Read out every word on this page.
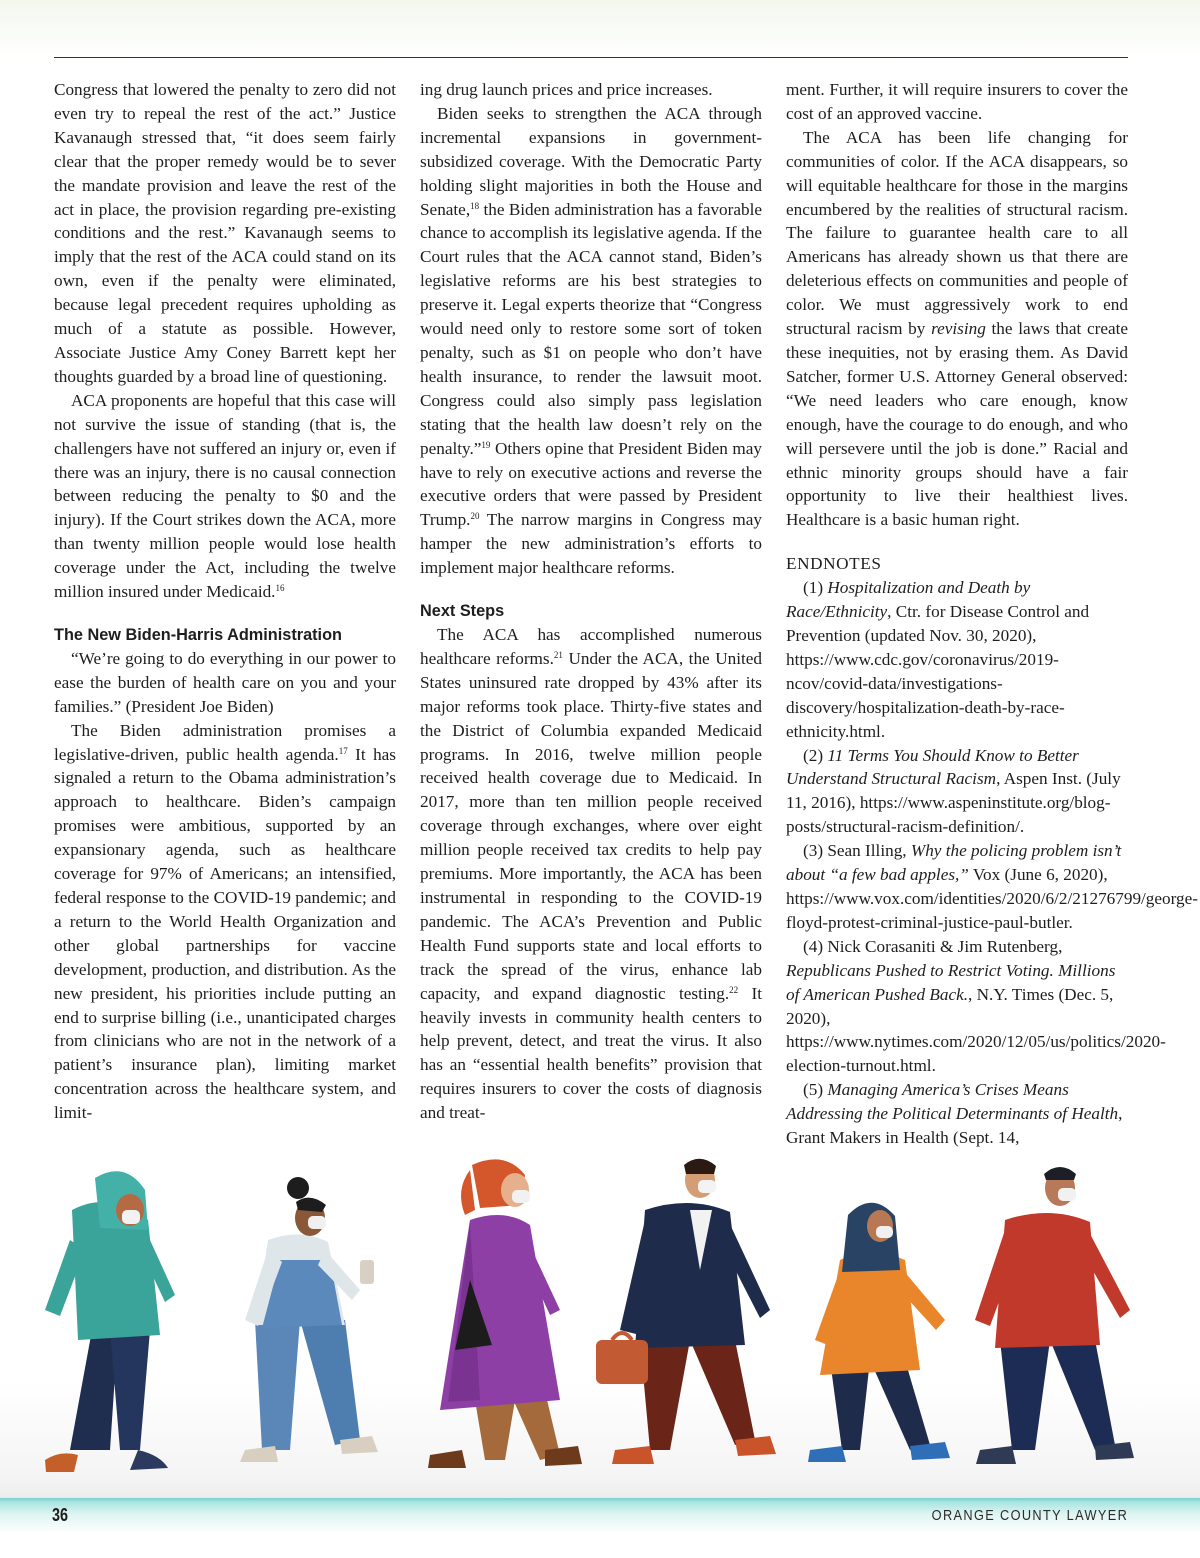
Congress that lowered the penalty to zero did not even try to repeal the rest of the act.” Justice Kavanaugh stressed that, “it does seem fairly clear that the proper remedy would be to sever the mandate provision and leave the rest of the act in place, the provision regarding pre-existing conditions and the rest.” Kavanaugh seems to imply that the rest of the ACA could stand on its own, even if the penalty were eliminated, because legal precedent requires upholding as much of a statute as possible. However, Associate Justice Amy Coney Barrett kept her thoughts guarded by a broad line of questioning.

ACA proponents are hopeful that this case will not survive the issue of standing (that is, the challengers have not suffered an injury or, even if there was an injury, there is no causal connection between reducing the penalty to $0 and the injury). If the Court strikes down the ACA, more than twenty million people would lose health coverage under the Act, including the twelve million insured under Medicaid.$^{16}$

The New Biden-Harris Administration

“We’re going to do everything in our power to ease the burden of health care on you and your families.” (President Joe Biden)

The Biden administration promises a legislative-driven, public health agenda.$^{17}$ It has signaled a return to the Obama administration’s approach to healthcare. Biden’s campaign promises were ambitious, supported by an expansionary agenda, such as healthcare coverage for 97% of Americans; an intensified, federal response to the COVID-19 pandemic; and a return to the World Health Organization and other global partnerships for vaccine development, production, and distribution. As the new president, his priorities include putting an end to surprise billing (i.e., unanticipated charges from clinicians who are not in the network of a patient’s insurance plan), limiting market concentration across the healthcare system, and limit-

ing drug launch prices and price increases.

Biden seeks to strengthen the ACA through incremental expansions in government-subsidized coverage. With the Democratic Party holding slight majorities in both the House and Senate,$^{18}$ the Biden administration has a favorable chance to accomplish its legislative agenda. If the Court rules that the ACA cannot stand, Biden’s legislative reforms are his best strategies to preserve it. Legal experts theorize that “Congress would need only to restore some sort of token penalty, such as $1 on people who don’t have health insurance, to render the lawsuit moot. Congress could also simply pass legislation stating that the health law doesn’t rely on the penalty.”$^{19}$ Others opine that President Biden may have to rely on executive actions and reverse the executive orders that were passed by President Trump.$^{20}$ The narrow margins in Congress may hamper the new administration’s efforts to implement major healthcare reforms.

Next Steps

The ACA has accomplished numerous healthcare reforms.$^{21}$ Under the ACA, the United States uninsured rate dropped by 43% after its major reforms took place. Thirty-five states and the District of Columbia expanded Medicaid programs. In 2016, twelve million people received health coverage due to Medicaid. In 2017, more than ten million people received coverage through exchanges, where over eight million people received tax credits to help pay premiums. More importantly, the ACA has been instrumental in responding to the COVID-19 pandemic. The ACA’s Prevention and Public Health Fund supports state and local efforts to track the spread of the virus, enhance lab capacity, and expand diagnostic testing.$^{22}$ It heavily invests in community health centers to help prevent, detect, and treat the virus. It also has an “essential health benefits” provision that requires insurers to cover the costs of diagnosis and treat-

ment. Further, it will require insurers to cover the cost of an approved vaccine.

The ACA has been life changing for communities of color. If the ACA disappears, so will equitable healthcare for those in the margins encumbered by the realities of structural racism. The failure to guarantee health care to all Americans has already shown us that there are deleterious effects on communities and people of color. We must aggressively work to end structural racism by revising the laws that create these inequities, not by erasing them. As David Satcher, former U.S. Attorney General observed: “We need leaders who care enough, know enough, have the courage to do enough, and who will persevere until the job is done.” Racial and ethnic minority groups should have a fair opportunity to live their healthiest lives. Healthcare is a basic human right.

ENDNOTES

(1) Hospitalization and Death by Race/Ethnicity, Ctr. for Disease Control and Prevention (updated Nov. 30, 2020), https://www.cdc.gov/coronavirus/2019-ncov/covid-data/investigations-discovery/hospitalization-death-by-race-ethnicity.html.

(2) 11 Terms You Should Know to Better Understand Structural Racism, Aspen Inst. (July 11, 2016), https://www.aspeninstitute.org/blog-posts/structural-racism-definition/.

(3) Sean Illing, Why the policing problem isn’t about “a few bad apples,” Vox (June 6, 2020), https://www.vox.com/identities/2020/6/2/21276799/george-floyd-protest-criminal-justice-paul-butler.

(4) Nick Corasaniti & Jim Rutenberg, Republicans Pushed to Restrict Voting. Millions of American Pushed Back., N.Y. Times (Dec. 5, 2020), https://www.nytimes.com/2020/12/05/us/politics/2020-election-turnout.html.

(5) Managing America’s Crises Means Addressing the Political Determinants of Health, Grant Makers in Health (Sept. 14,

36	ORANGE COUNTY LAWYER
